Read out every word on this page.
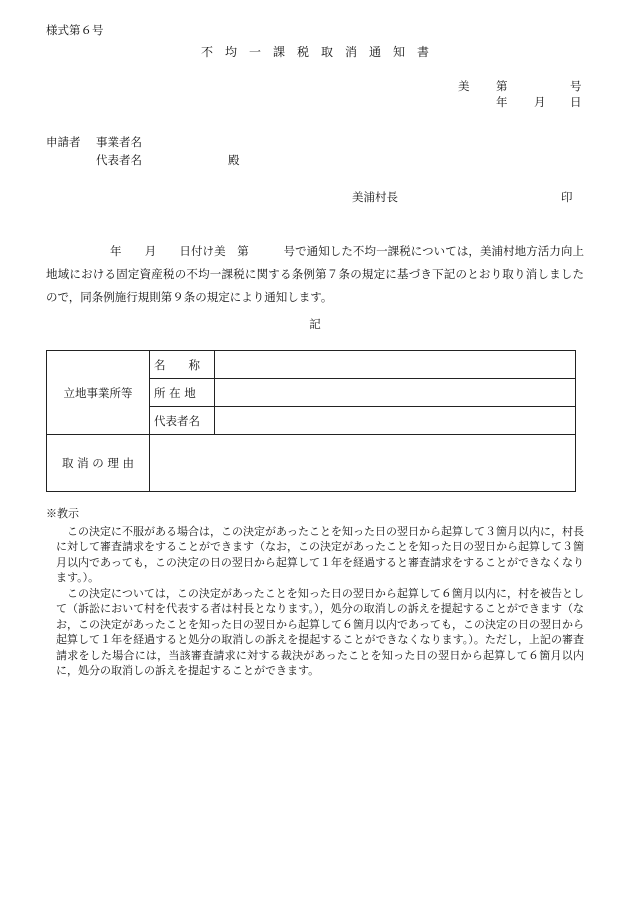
様式第６号
不　均　一　課　税　取　消　通　知　書
美 第	号
年 月 日
申請者 事業者名
代表者名	殿
美浦村長	印

年　　月　　日付け美　第　　　号で通知した不均一課税については，美浦村地方活力向上地域における固定資産税の不均一課税に関する条例第７条の規定に基づき下記のとおり取り消しましたので，同条例施行規則第９条の規定により通知します。

記
立地事業所等	名　　称	
	所 在 地	
	代表者名	
取 消 の 理 由		
※教示

この決定に不服がある場合は，この決定があったことを知った日の翌日から起算して３箇月以内に，村長に対して審査請求をすることができます（なお，この決定があったことを知った日の翌日から起算して３箇月以内であっても，この決定の日の翌日から起算して１年を経過すると審査請求をすることができなくなります。）。

この決定については，この決定があったことを知った日の翌日から起算して６箇月以内に，村を被告として（訴訟において村を代表する者は村長となります。），処分の取消しの訴えを提起することができます（なお，この決定があったことを知った日の翌日から起算して６箇月以内であっても，この決定の日の翌日から起算して１年を経過すると処分の取消しの訴えを提起することができなくなります。）。ただし，上記の審査請求をした場合には，当該審査請求に対する裁決があったことを知った日の翌日から起算して６箇月以内に，処分の取消しの訴えを提起することができます。
